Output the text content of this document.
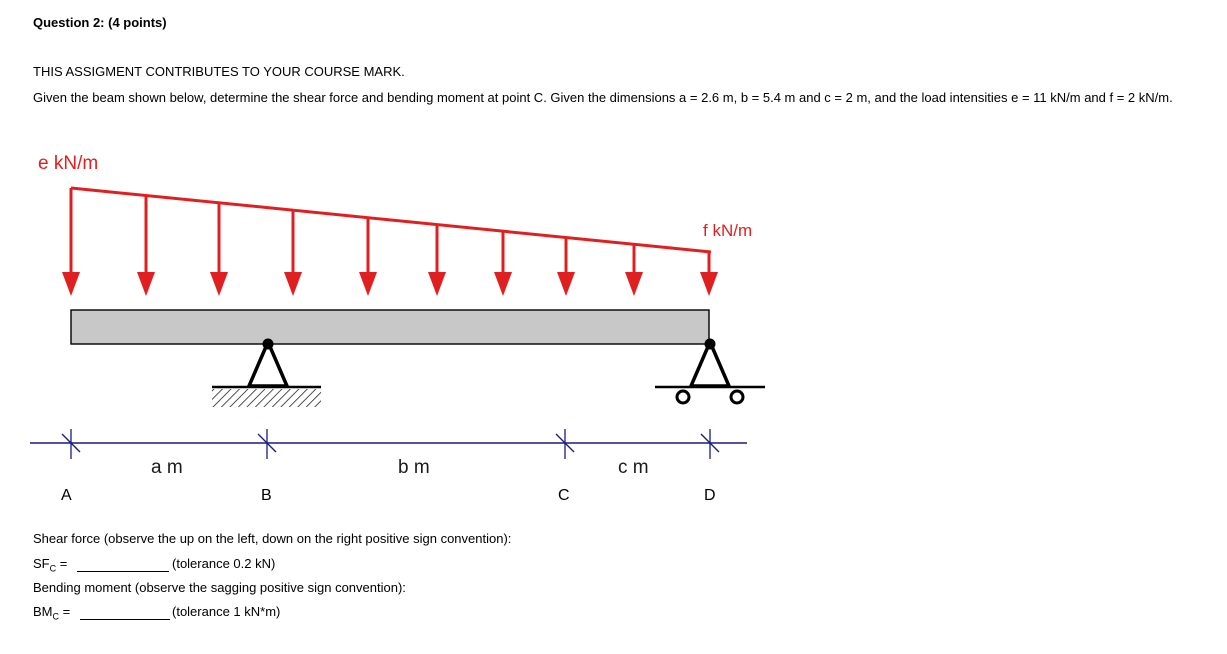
Question 2: (4 points)
THIS ASSIGMENT CONTRIBUTES TO YOUR COURSE MARK.
Given the beam shown below, determine the shear force and bending moment at point C. Given the dimensions a = 2.6 m, b = 5.4 m and c = 2 m, and the load intensities e = 11 kN/m and f = 2 kN/m.
e kN/m
f kN/m
a m	b m	c m
A	B	C	D
Shear force (observe the up on the left, down on the right positive sign convention):
$SF_C$ =	(tolerance 0.2 kN)
Bending moment (observe the sagging positive sign convention):
$BM_C$ =	(tolerance 1 kN*m)
